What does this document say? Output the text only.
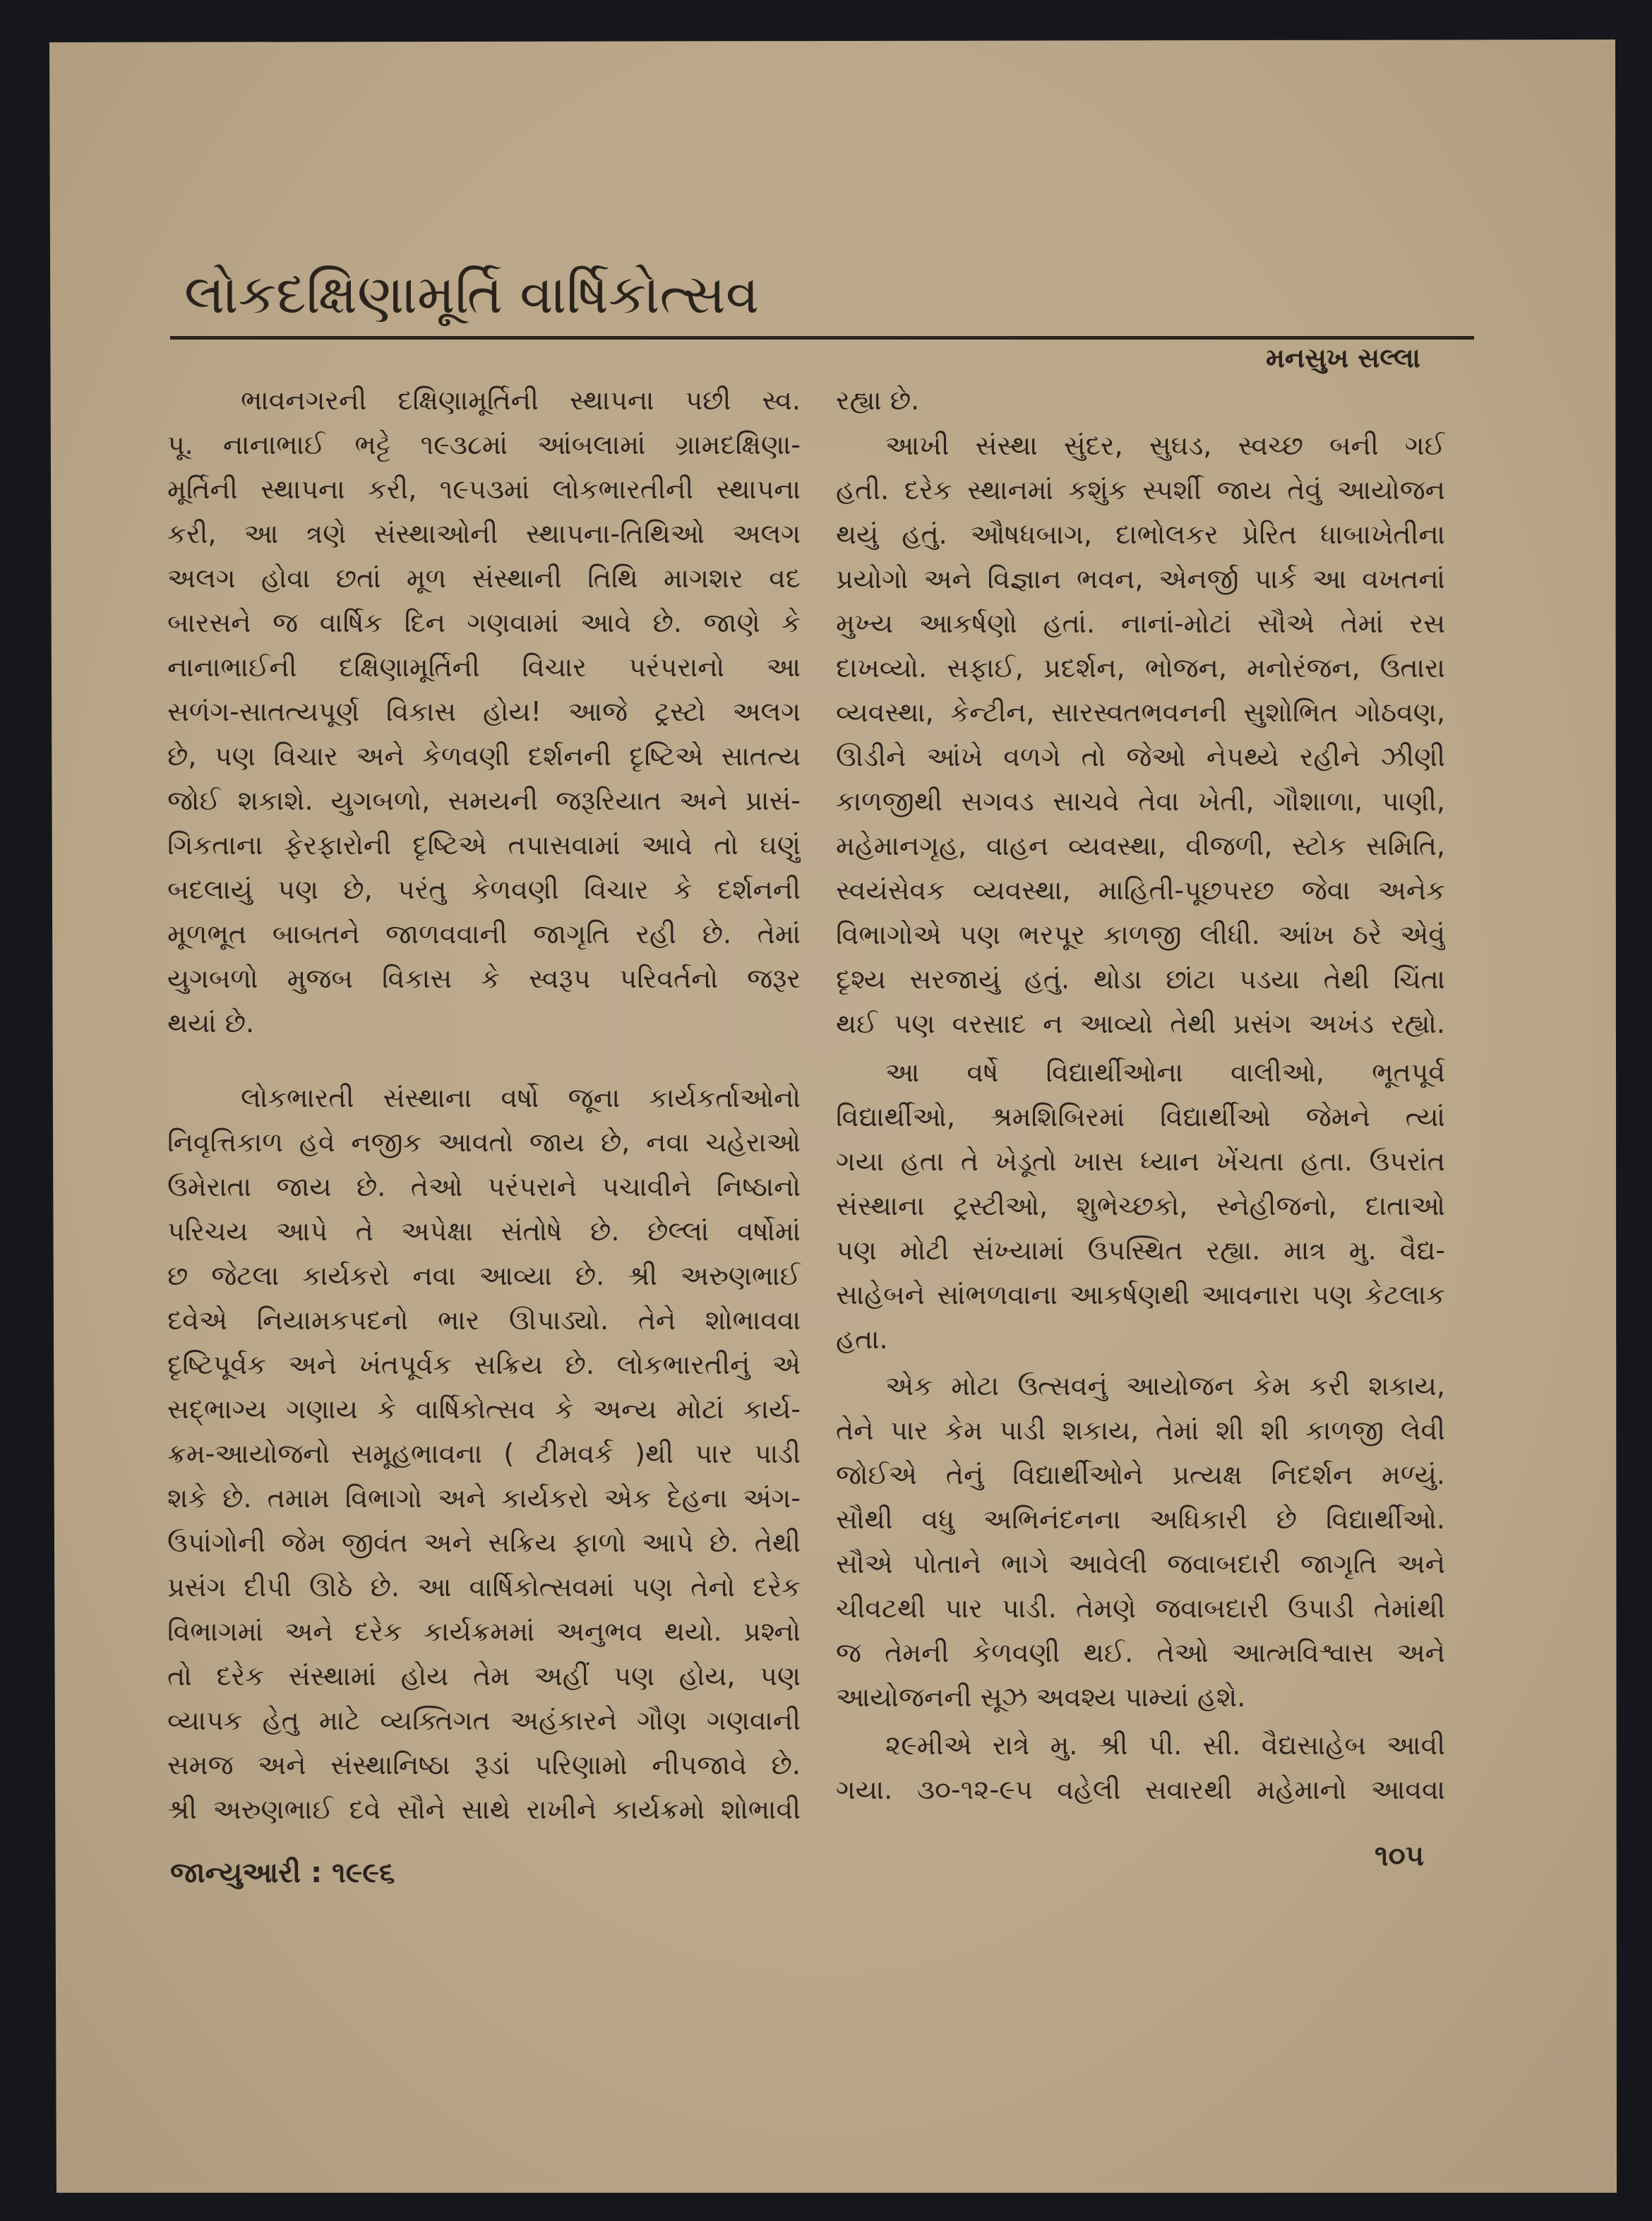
લોકદક્ષિણામૂર્તિ વાર્ષિકોત્સવ
મનસુખ સલ્લા
ભાવનગરની દક્ષિણામૂર્તિની સ્થાપના પછી સ્વ.
પૂ. નાનાભાઈ ભટ્ટે ૧૯૩૮માં આંબલામાં ગ્રામદક્ષિણા-
મૂર્તિની સ્થાપના કરી, ૧૯૫૩માં લોકભારતીની સ્થાપના
કરી, આ ત્રણે સંસ્થાઓની સ્થાપના-તિથિઓ અલગ
અલગ હોવા છતાં મૂળ સંસ્થાની તિથિ માગશર વદ
બારસને જ વાર્ષિક દિન ગણવામાં આવે છે. જાણે કે
નાનાભાઈની દક્ષિણામૂર્તિની વિચાર પરંપરાનો આ
સળંગ-સાતત્યપૂર્ણ વિકાસ હોય! આજે ટ્રસ્ટો અલગ
છે, પણ વિચાર અને કેળવણી દર્શનની દૃષ્ટિએ સાતત્ય
જોઈ શકાશે. યુગબળો, સમયની જરૂરિયાત અને પ્રાસં-
ગિકતાના ફેરફારોની દૃષ્ટિએ તપાસવામાં આવે તો ઘણું
બદલાયું પણ છે, પરંતુ કેળવણી વિચાર કે દર્શનની
મૂળભૂત બાબતને જાળવવાની જાગૃતિ રહી છે. તેમાં
યુગબળો મુજબ વિકાસ કે સ્વરૂપ પરિવર્તનો જરૂર
થયાં છે.
લોકભારતી સંસ્થાના વર્ષો જૂના કાર્યકર્તાઓનો
નિવૃત્તિકાળ હવે નજીક આવતો જાય છે, નવા ચહેરાઓ
ઉમેરાતા જાય છે. તેઓ પરંપરાને પચાવીને નિષ્ઠાનો
પરિચય આપે તે અપેક્ષા સંતોષે છે. છેલ્લાં વર્ષોમાં
છ જેટલા કાર્યકરો નવા આવ્યા છે. શ્રી અરુણભાઈ
દવેએ નિયામકપદનો ભાર ઊપાડ્યો. તેને શોભાવવા
દૃષ્ટિપૂર્વક અને ખંતપૂર્વક સક્રિય છે. લોકભારતીનું એ
સદ્ભાગ્ય ગણાય કે વાર્ષિકોત્સવ કે અન્ય મોટાં કાર્ય-
ક્રમ-આયોજનો સમૂહભાવના ( ટીમવર્ક )થી પાર પાડી
શકે છે. તમામ વિભાગો અને કાર્યકરો એક દેહના અંગ-
ઉપાંગોની જેમ જીવંત અને સક્રિય ફાળો આપે છે. તેથી
પ્રસંગ દીપી ઊઠે છે. આ વાર્ષિકોત્સવમાં પણ તેનો દરેક
વિભાગમાં અને દરેક કાર્યક્રમમાં અનુભવ થયો. પ્રશ્નો
તો દરેક સંસ્થામાં હોય તેમ અહીં પણ હોય, પણ
વ્યાપક હેતુ માટે વ્યક્તિગત અહંકારને ગૌણ ગણવાની
સમજ અને સંસ્થાનિષ્ઠા રૂડાં પરિણામો નીપજાવે છે.
શ્રી અરુણભાઈ દવે સૌને સાથે રાખીને કાર્યક્રમો શોભાવી
રહ્યા છે.
આખી સંસ્થા સુંદર, સુઘડ, સ્વચ્છ બની ગઈ
હતી. દરેક સ્થાનમાં કશુંક સ્પર્શી જાય તેવું આયોજન
થયું હતું. ઔષધબાગ, દાભોલકર પ્રેરિત ધાબાખેતીના
પ્રયોગો અને વિજ્ઞાન ભવન, એનર્જી પાર્ક આ વખતનાં
મુખ્ય આકર્ષણો હતાં. નાનાં-મોટાં સૌએ તેમાં રસ
દાખવ્યો. સફાઈ, પ્રદર્શન, ભોજન, મનોરંજન, ઉતારા
વ્યવસ્થા, કેન્ટીન, સારસ્વતભવનની સુશોભિત ગોઠવણ,
ઊડીને આંખે વળગે તો જેઓ નેપથ્યે રહીને ઝીણી
કાળજીથી સગવડ સાચવે તેવા ખેતી, ગૌશાળા, પાણી,
મહેમાનગૃહ, વાહન વ્યવસ્થા, વીજળી, સ્ટોક સમિતિ,
સ્વયંસેવક વ્યવસ્થા, માહિતી-પૂછપરછ જેવા અનેક
વિભાગોએ પણ ભરપૂર કાળજી લીધી. આંખ ઠરે એવું
દૃશ્ય સરજાયું હતું. થોડા છાંટા પડયા તેથી ચિંતા
થઈ પણ વરસાદ ન આવ્યો તેથી પ્રસંગ અખંડ રહ્યો.
આ વર્ષે વિદ્યાર્થીઓના વાલીઓ, ભૂતપૂર્વ
વિદ્યાર્થીઓ, શ્રમશિબિરમાં વિદ્યાર્થીઓ જેમને ત્યાં
ગયા હતા તે ખેડૂતો ખાસ ધ્યાન ખેંચતા હતા. ઉપરાંત
સંસ્થાના ટ્રસ્ટીઓ, શુભેચ્છકો, સ્નેહીજનો, દાતાઓ
પણ મોટી સંખ્યામાં ઉપસ્થિત રહ્યા. માત્ર મુ. વૈદ્ય-
સાહેબને સાંભળવાના આકર્ષણથી આવનારા પણ કેટલાક
હતા.
એક મોટા ઉત્સવનું આયોજન કેમ કરી શકાય,
તેને પાર કેમ પાડી શકાય, તેમાં શી શી કાળજી લેવી
જોઈએ તેનું વિદ્યાર્થીઓને પ્રત્યક્ષ નિદર્શન મળ્યું.
સૌથી વધુ અભિનંદનના અધિકારી છે વિદ્યાર્થીઓ.
સૌએ પોતાને ભાગે આવેલી જવાબદારી જાગૃતિ અને
ચીવટથી પાર પાડી. તેમણે જવાબદારી ઉપાડી તેમાંથી
જ તેમની કેળવણી થઈ. તેઓ આત્મવિશ્વાસ અને
આયોજનની સૂઝ અવશ્ય પામ્યાં હશે.
૨૯મીએ રાત્રે મુ. શ્રી પી. સી. વૈદ્યસાહેબ આવી
ગયા. ૩૦-૧૨-૯૫ વહેલી સવારથી મહેમાનો આવવા
જાન્યુઆરી : ૧૯૯૬
૧૦૫
